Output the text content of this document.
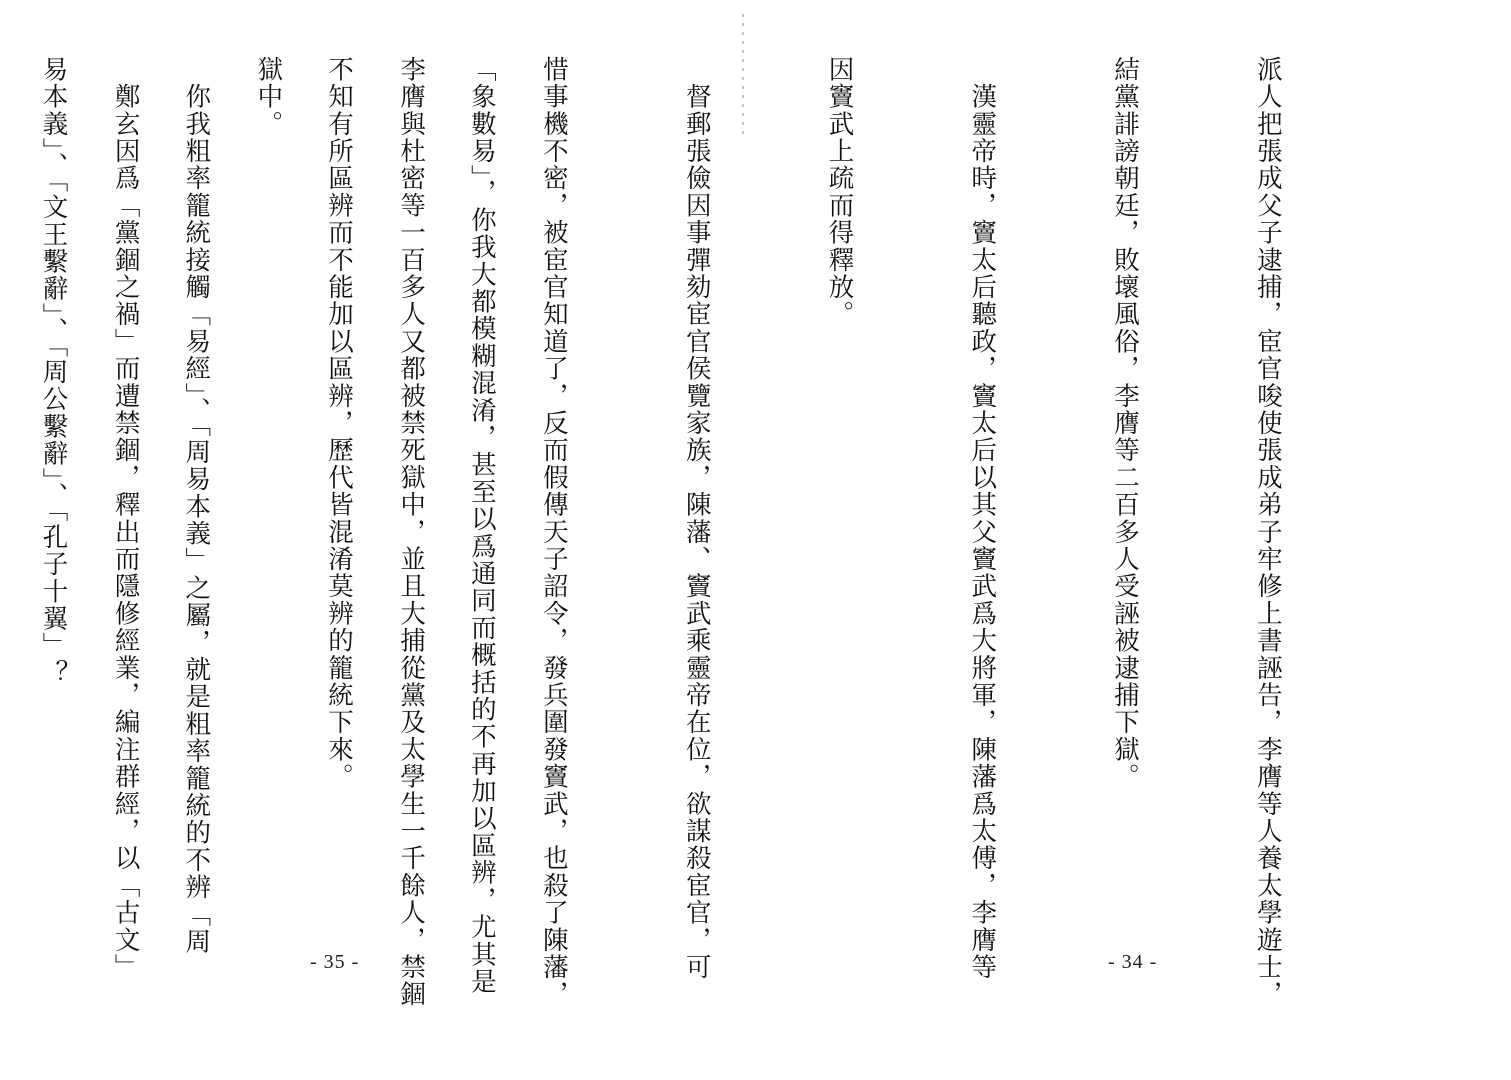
「象數易」，你我大都模糊混淆，甚至以爲通同而概括的不再加以區辨，尤其是

不知有所區辨而不能加以區辨，歷代皆混淆莫辨的籠統下來。

　你我粗率籠統接觸「易經」、「周易本義」之屬，就是粗率籠統的不辨「周

易本義」、「文王繫辭」、「周公繫辭」、「孔子十翼」？

- 35 -

	派人把張成父子逮捕，宦官唆使張成弟子牢修上書誣告，李膺等人養太學遊士，

結黨誹謗朝廷，敗壞風俗，李膺等二百多人受誣被逮捕下獄。

　漢靈帝時，竇太后聽政，竇太后以其父竇武爲大將軍，陳藩爲太傅，李膺等

因竇武上疏而得釋放。

　督郵張儉因事彈劾宦官侯覽家族，陳藩、竇武乘靈帝在位，欲謀殺宦官，可

惜事機不密，被宦官知道了，反而假傳天子詔令，發兵圍發竇武，也殺了陳藩，

李膺與杜密等一百多人又都被禁死獄中，並且大捕從黨及太學生一千餘人，禁錮

獄中。

　鄭玄因爲「黨錮之禍」而遭禁錮，釋出而隱修經業，編注群經，以「古文」

	- 34 -
